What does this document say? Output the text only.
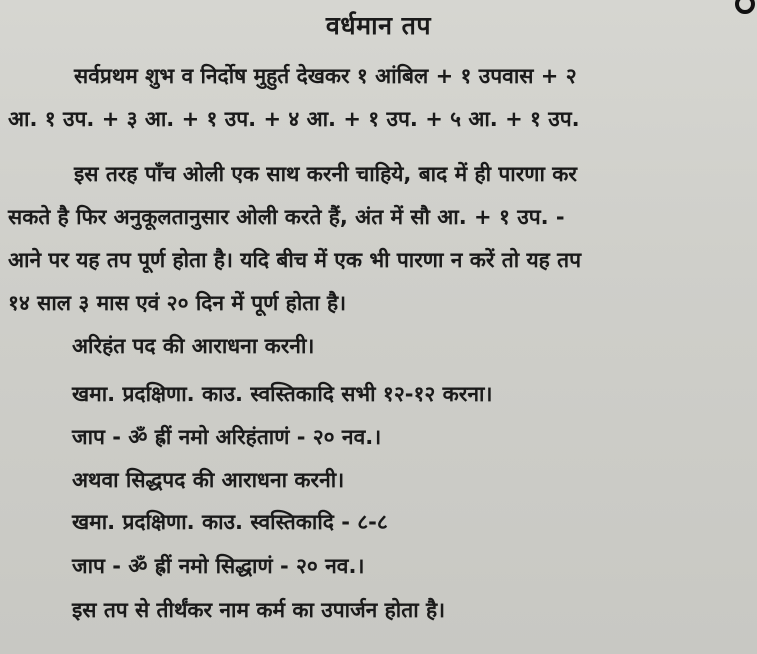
वर्धमान तप
सर्वप्रथम शुभ व निर्दोष मुहुर्त देखकर १ आंबिल + १ उपवास + २
आ. १ उप. + ३ आ. + १ उप. + ४ आ. + १ उप. + ५ आ. + १ उप.
इस तरह पाँच ओली एक साथ करनी चाहिये, बाद में ही पारणा कर
सकते है फिर अनुकूलतानुसार ओली करते हैं, अंत में सौ आ. + १ उप. -
आने पर यह तप पूर्ण होता है। यदि बीच में एक भी पारणा न करें तो यह तप
१४ साल ३ मास एवं २० दिन में पूर्ण होता है।
अरिहंत पद की आराधना करनी।
खमा. प्रदक्षिणा. काउ. स्वस्तिकादि सभी १२-१२ करना।
जाप - ॐ ह्रीं नमो अरिहंताणं - २० नव.।
अथवा सिद्धपद की आराधना करनी।
खमा. प्रदक्षिणा. काउ. स्वस्तिकादि - ८-८
जाप - ॐ ह्रीं नमो सिद्धाणं - २० नव.।
इस तप से तीर्थंकर नाम कर्म का उपार्जन होता है।
